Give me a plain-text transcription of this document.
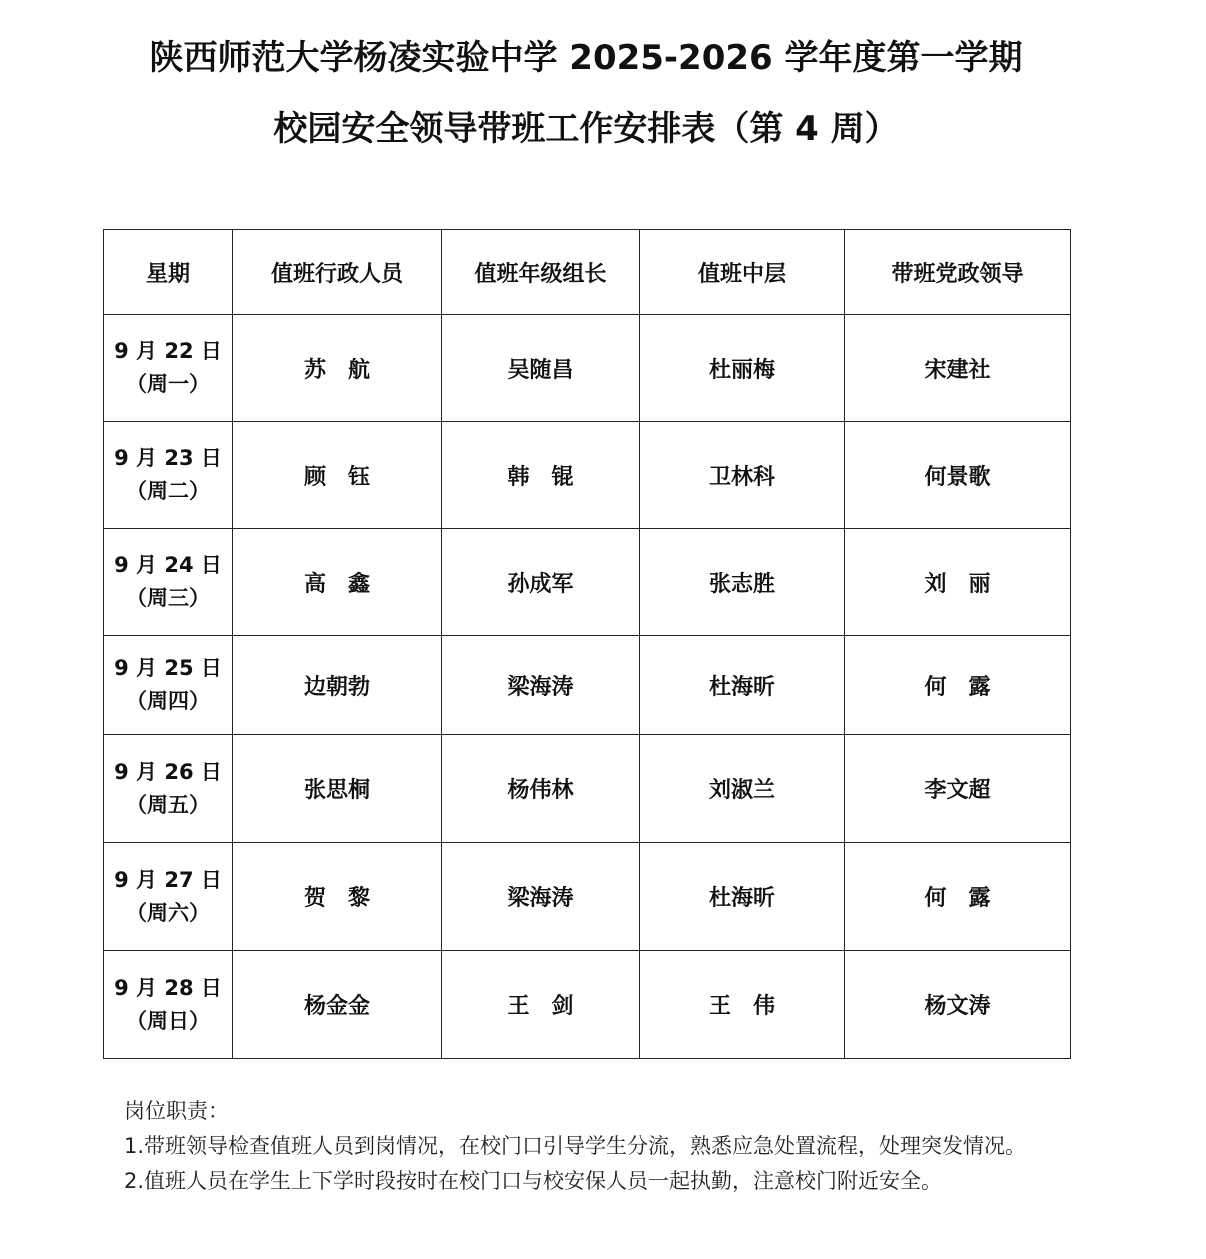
陕西师范大学杨凌实验中学 2025-2026 学年度第一学期
校园安全领导带班工作安排表（第 4 周）
星期	值班行政人员	值班年级组长	值班中层	带班党政领导

9 月 22 日
（周一）	苏　航	吴随昌	杜丽梅	宋建社

9 月 23 日
（周二）	顾　钰	韩　锟	卫林科	何景歌

9 月 24 日
（周三）	高　鑫	孙成军	张志胜	刘　丽

9 月 25 日
（周四）	边朝勃	梁海涛	杜海昕	何　露

9 月 26 日
（周五）	张思桐	杨伟林	刘淑兰	李文超

9 月 27 日
（周六）	贺　黎	梁海涛	杜海昕	何　露

9 月 28 日
（周日）	杨金金	王　剑	王　伟	杨文涛

岗位职责：

1.带班领导检查值班人员到岗情况，在校门口引导学生分流，熟悉应急处置流程，处理突发情况。

2.值班人员在学生上下学时段按时在校门口与校安保人员一起执勤，注意校门附近安全。
